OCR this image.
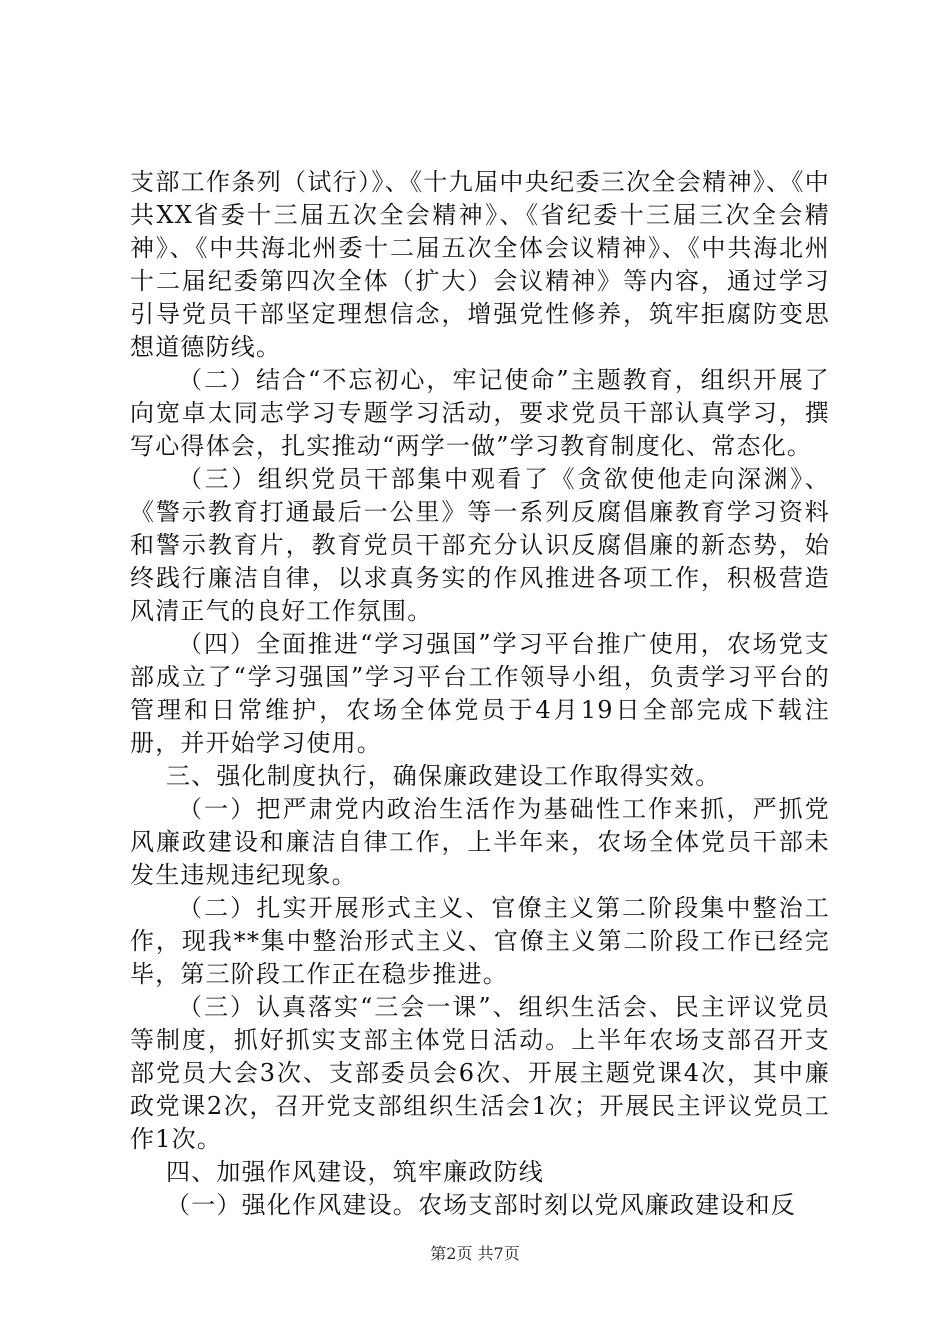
支部工作条列（试行）》、《十九届中央纪委三次全会精神》、《中共XX省委十三届五次全会精神》、《省纪委十三届三次全会精神》、《中共海北州委十二届五次全体会议精神》、《中共海北州十二届纪委第四次全体（扩大）会议精神》等内容，通过学习引导党员干部坚定理想信念，增强党性修养，筑牢拒腐防变思想道德防线。

（二）结合“不忘初心，牢记使命”主题教育，组织开展了向宽卓太同志学习专题学习活动，要求党员干部认真学习，撰写心得体会，扎实推动“两学一做”学习教育制度化、常态化。

（三）组织党员干部集中观看了《贪欲使他走向深渊》、《警示教育打通最后一公里》等一系列反腐倡廉教育学习资料和警示教育片，教育党员干部充分认识反腐倡廉的新态势，始终践行廉洁自律，以求真务实的作风推进各项工作，积极营造风清正气的良好工作氛围。

（四）全面推进“学习强国”学习平台推广使用，农场党支部成立了“学习强国”学习平台工作领导小组，负责学习平台的管理和日常维护，农场全体党员于4月19日全部完成下载注册，并开始学习使用。

三、强化制度执行，确保廉政建设工作取得实效。

（一）把严肃党内政治生活作为基础性工作来抓，严抓党风廉政建设和廉洁自律工作，上半年来，农场全体党员干部未发生违规违纪现象。

（二）扎实开展形式主义、官僚主义第二阶段集中整治工作，现我**集中整治形式主义、官僚主义第二阶段工作已经完毕，第三阶段工作正在稳步推进。

（三）认真落实“三会一课”、组织生活会、民主评议党员等制度，抓好抓实支部主体党日活动。上半年农场支部召开支部党员大会3次、支部委员会6次、开展主题党课4次，其中廉政党课2次，召开党支部组织生活会1次；开展民主评议党员工作1次。

四、加强作风建设，筑牢廉政防线

（一）强化作风建设。农场支部时刻以党风廉政建设和反

第2页 共7页
